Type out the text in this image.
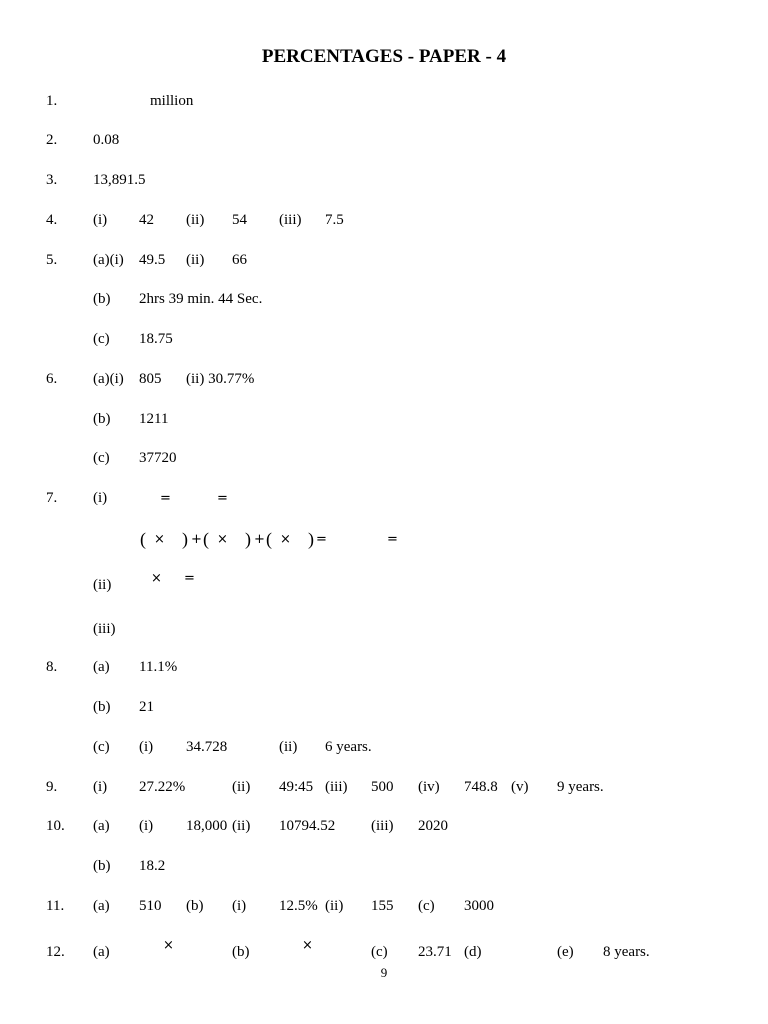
PERCENTAGES - PAPER - 4
1.	million
2. 0.08
3. 13,891.5
4. (i) 42 (ii) 54 (iii) 7.5
5. (a)(i) 49.5 (ii) 66
(b) 2hrs 39 min. 44 Sec.
(c) 18.75
6. (a)(i) 805 (ii) 30.77%
(b) 1211
(c) 37720
7. (i)	=	=
( × ) + ( × ) + ( × ) =	=
(ii)	× =
(iii)
8. (a) 11.1%
(b) 21
(c) (i) 34.728	(ii) 6 years.
9. (i) 27.22%	(ii) 49:45 (iii) 500 (iv) 748.8 (v) 9 years.
10. (a) (i) 18,000 (ii) 10794.52 (iii) 2020
(b) 18.2
11. (a) 510 (b) (i) 12.5% (ii) 155 (c) 3000
12. (a)	×	(b)	×	(c) 23.71 (d)	(e) 8 years.
9
